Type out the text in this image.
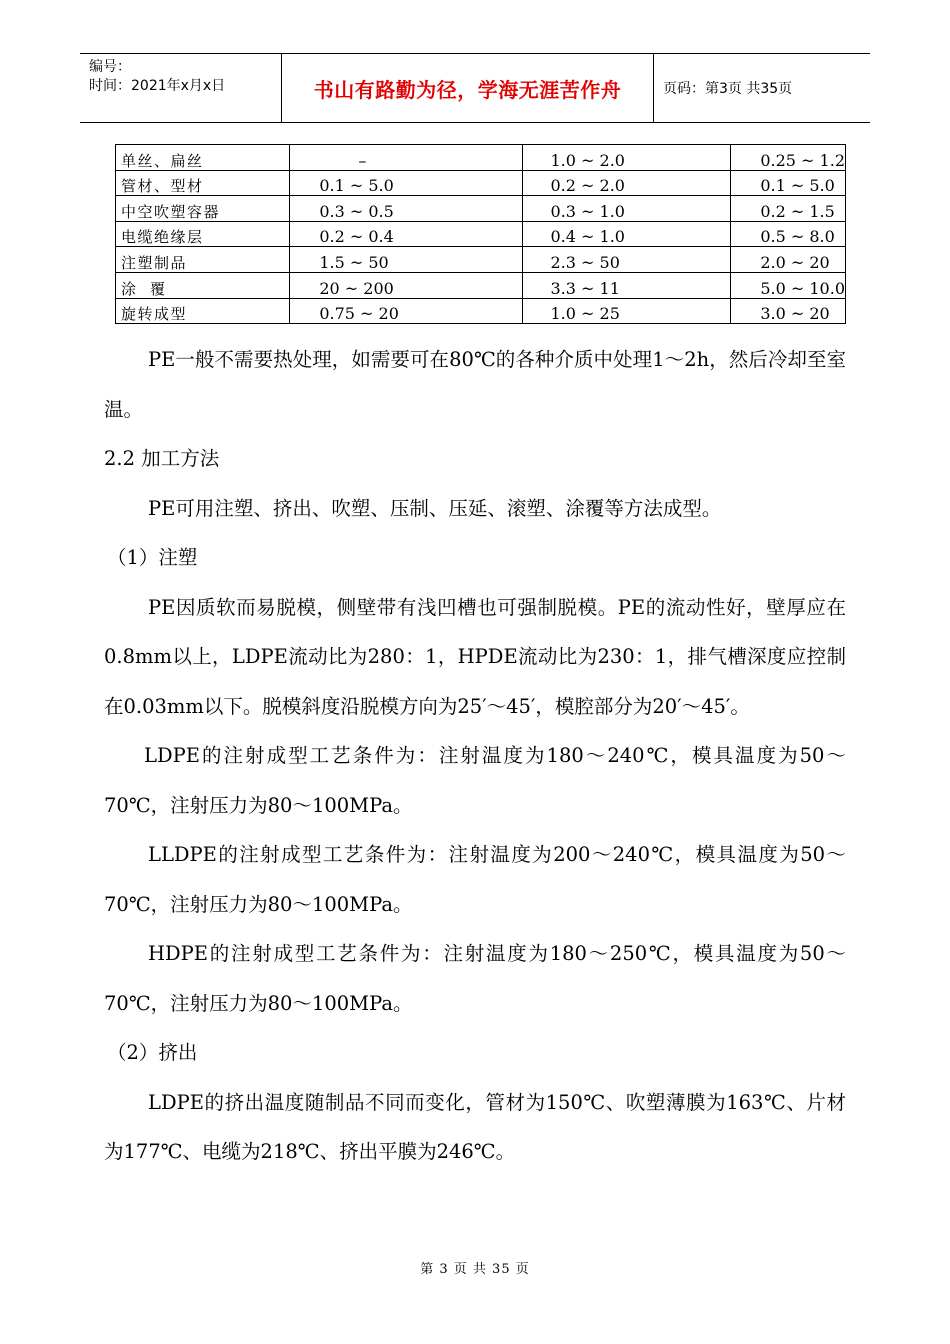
编号：
时间：2021年x月x日	书山有路勤为径，学海无涯苦作舟	页码：第3页 共35页
单丝、扁丝	–	1.0 ~ 2.0	0.25 ~ 1.2
管材、型材	0.1 ~ 5.0	0.2 ~ 2.0	0.1 ~ 5.0
中空吹塑容器	0.3 ~ 0.5	0.3 ~ 1.0	0.2 ~ 1.5
电缆绝缘层	0.2 ~ 0.4	0.4 ~ 1.0	0.5 ~ 8.0
注塑制品	1.5 ~ 50	2.3 ~ 50	2.0 ~ 20
涂  覆	20 ~ 200	3.3 ~ 11	5.0 ~ 10.0
旋转成型	0.75 ~ 20	1.0 ~ 25	3.0 ~ 20

PE一般不需要热处理，如需要可在80℃的各种介质中处理1～2h，然后冷却至室温。

2.2 加工方法

PE可用注塑、挤出、吹塑、压制、压延、滚塑、涂覆等方法成型。

（1）注塑

PE因质软而易脱模，侧壁带有浅凹槽也可强制脱模。PE的流动性好，壁厚应在0.8mm以上，LDPE流动比为280：1，HPDE流动比为230：1，排气槽深度应控制在0.03mm以下。脱模斜度沿脱模方向为25′～45′，模腔部分为20′～45′。

LDPE的注射成型工艺条件为：注射温度为180～240℃，模具温度为50～70℃，注射压力为80～100MPa。

LLDPE的注射成型工艺条件为：注射温度为200～240℃，模具温度为50～70℃，注射压力为80～100MPa。

HDPE的注射成型工艺条件为：注射温度为180～250℃，模具温度为50～70℃，注射压力为80～100MPa。

（2）挤出

LDPE的挤出温度随制品不同而变化，管材为150℃、吹塑薄膜为163℃、片材为177℃、电缆为218℃、挤出平膜为246℃。

第 3 页 共 35 页
